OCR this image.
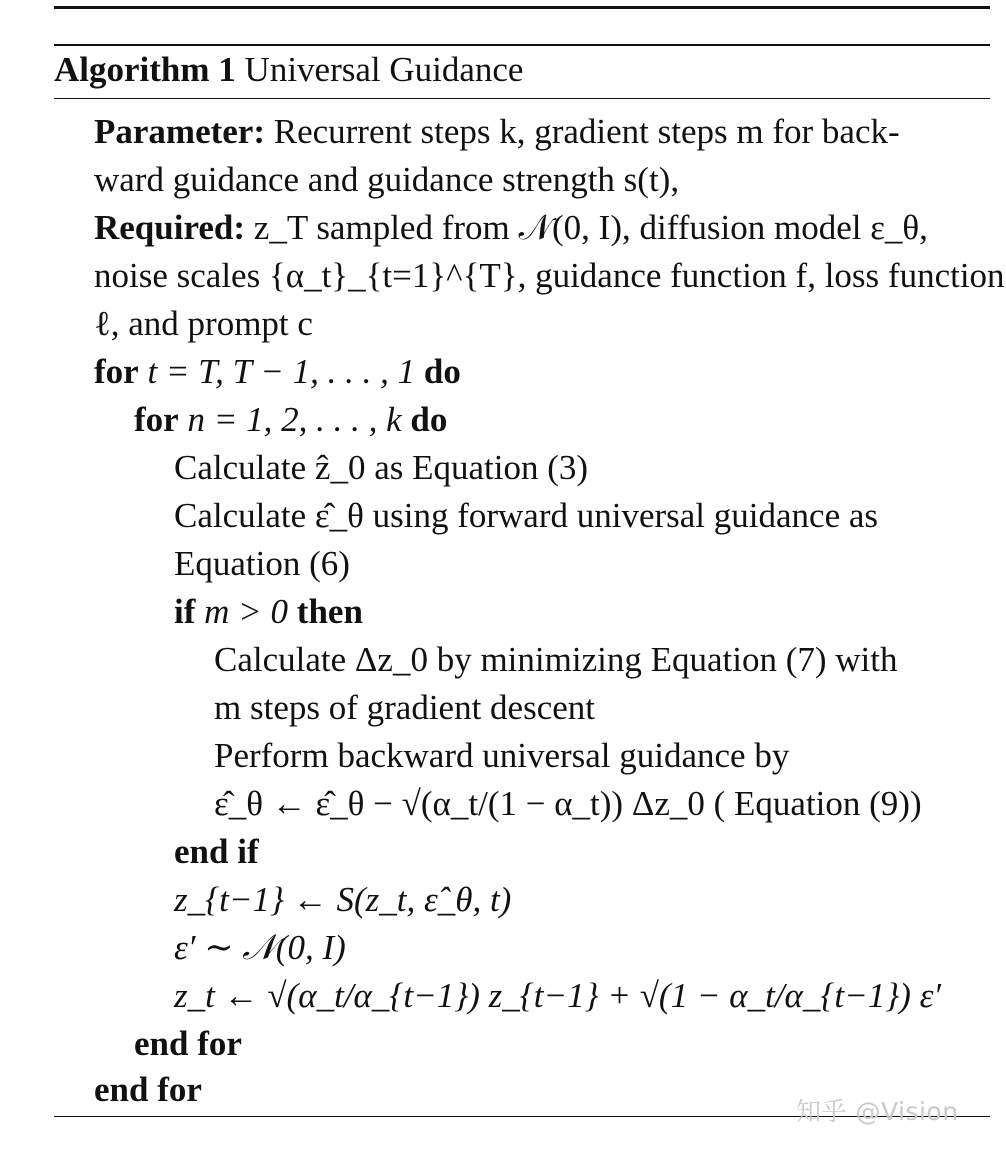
Algorithm 1 Universal Guidance
Parameter: Recurrent steps k, gradient steps m for back-
ward guidance and guidance strength s(t),
Required: z_T sampled from 𝒩(0, I), diffusion model ε_θ,
noise scales {α_t}_{t=1}^{T}, guidance function f, loss function
ℓ, and prompt c
for t = T, T − 1, . . . , 1 do
for n = 1, 2, . . . , k do
Calculate ẑ_0 as Equation (3)
Calculate ε̂_θ using forward universal guidance as
Equation (6)
if m > 0 then
Calculate Δz_0 by minimizing Equation (7) with
m steps of gradient descent
Perform backward universal guidance by
ε̂_θ ← ε̂_θ − √(α_t/(1 − α_t)) Δz_0 ( Equation (9))
end if
z_{t−1} ← S(z_t, ε̂_θ, t)
ε′ ∼ 𝒩(0, I)
z_t ← √(α_t/α_{t−1}) z_{t−1} + √(1 − α_t/α_{t−1}) ε′
end for
end for
知乎 @Vision
